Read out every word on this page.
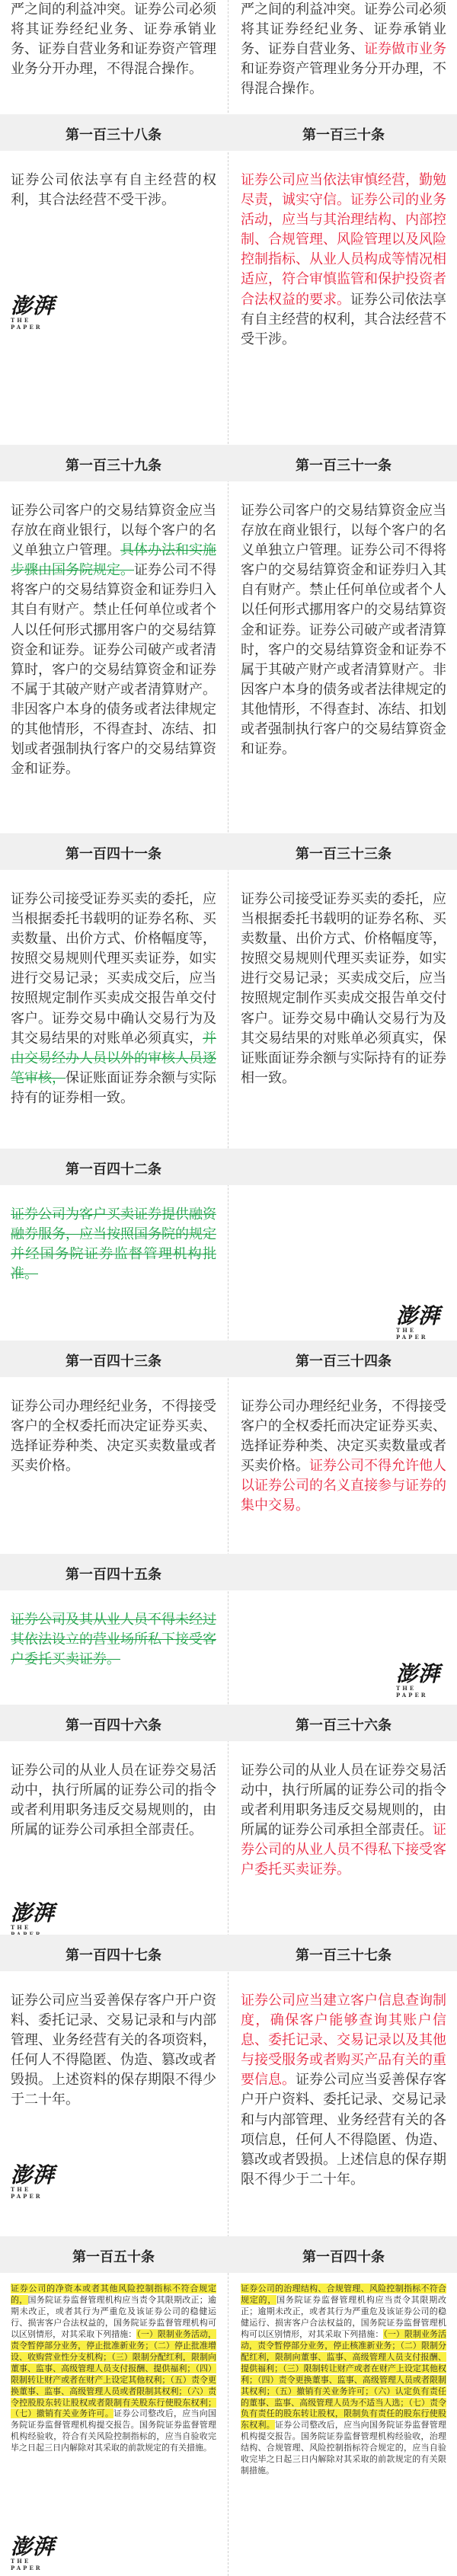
严之间的利益冲突。证券公司必须将其证券经纪业务、证券承销业务、证券自营业务和证券资产管理业务分开办理，不得混合操作。

严之间的利益冲突。证券公司必须将其证券经纪业务、证券承销业务、证券自营业务、证券做市业务和证券资产管理业务分开办理，不得混合操作。

第一百三十八条	第一百三十条

证券公司依法享有自主经营的权利，其合法经营不受干涉。

证券公司应当依法审慎经营，勤勉尽责，诚实守信。证券公司的业务活动，应当与其治理结构、内部控制、合规管理、风险管理以及风险控制指标、从业人员构成等情况相适应，符合审慎监管和保护投资者合法权益的要求。证券公司依法享有自主经营的权利，其合法经营不受干涉。

澎湃
THE PAPER
第一百三十九条	第一百三十一条

证券公司客户的交易结算资金应当存放在商业银行，以每个客户的名义单独立户管理。具体办法和实施步骤由国务院规定。证券公司不得将客户的交易结算资金和证券归入其自有财产。禁止任何单位或者个人以任何形式挪用客户的交易结算资金和证券。证券公司破产或者清算时，客户的交易结算资金和证券不属于其破产财产或者清算财产。非因客户本身的债务或者法律规定的其他情形，不得查封、冻结、扣划或者强制执行客户的交易结算资金和证券。

证券公司客户的交易结算资金应当存放在商业银行，以每个客户的名义单独立户管理。证券公司不得将客户的交易结算资金和证券归入其自有财产。禁止任何单位或者个人以任何形式挪用客户的交易结算资金和证券。证券公司破产或者清算时，客户的交易结算资金和证券不属于其破产财产或者清算财产。非因客户本身的债务或者法律规定的其他情形，不得查封、冻结、扣划或者强制执行客户的交易结算资金和证券。

第一百四十一条	第一百三十三条

证券公司接受证券买卖的委托，应当根据委托书载明的证券名称、买卖数量、出价方式、价格幅度等，按照交易规则代理买卖证券，如实进行交易记录；买卖成交后，应当按照规定制作买卖成交报告单交付客户。证券交易中确认交易行为及其交易结果的对账单必须真实，并由交易经办人员以外的审核人员逐笔审核，保证账面证券余额与实际持有的证券相一致。

证券公司接受证券买卖的委托，应当根据委托书载明的证券名称、买卖数量、出价方式、价格幅度等，按照交易规则代理买卖证券，如实进行交易记录；买卖成交后，应当按照规定制作买卖成交报告单交付客户。证券交易中确认交易行为及其交易结果的对账单必须真实，保证账面证券余额与实际持有的证券相一致。

第一百四十二条

证券公司为客户买卖证券提供融资融券服务，应当按照国务院的规定并经国务院证券监督管理机构批准。

澎湃
THE PAPER
第一百四十三条	第一百三十四条

证券公司办理经纪业务，不得接受客户的全权委托而决定证券买卖、选择证券种类、决定买卖数量或者买卖价格。

证券公司办理经纪业务，不得接受客户的全权委托而决定证券买卖、选择证券种类、决定买卖数量或者买卖价格。证券公司不得允许他人以证券公司的名义直接参与证券的集中交易。

第一百四十五条

证券公司及其从业人员不得未经过其依法设立的营业场所私下接受客户委托买卖证券。

澎湃
THE PAPER
第一百四十六条	第一百三十六条

证券公司的从业人员在证券交易活动中，执行所属的证券公司的指令或者利用职务违反交易规则的，由所属的证券公司承担全部责任。

证券公司的从业人员在证券交易活动中，执行所属的证券公司的指令或者利用职务违反交易规则的，由所属的证券公司承担全部责任。证券公司的从业人员不得私下接受客户委托买卖证券。

澎湃
THE
第一百四十七条	第一百三十七条

证券公司应当妥善保存客户开户资料、委托记录、交易记录和与内部管理、业务经营有关的各项资料，任何人不得隐匿、伪造、篡改或者毁损。上述资料的保存期限不得少于二十年。

证券公司应当建立客户信息查询制度，确保客户能够查询其账户信息、委托记录、交易记录以及其他与接受服务或者购买产品有关的重要信息。证券公司应当妥善保存客户开户资料、委托记录、交易记录和与内部管理、业务经营有关的各项信息，任何人不得隐匿、伪造、篡改或者毁损。上述信息的保存期限不得少于二十年。

澎湃
THE PAPER
第一百五十条	第一百四十条

证券公司的净资本或者其他风险控制指标不符合规定的，国务院证券监督管理机构应当责令其限期改正；逾期未改正，或者其行为严重危及该证券公司的稳健运行、损害客户合法权益的，国务院证券监督管理机构可以区别情形，对其采取下列措施：（一）限制业务活动，责令暂停部分业务，停止批准新业务；（二）停止批准增设、收购营业性分支机构；（三）限制分配红利，限制向董事、监事、高级管理人员支付报酬、提供福利；（四）限制转让财产或者在财产上设定其他权利；（五）责令更换董事、监事、高级管理人员或者限制其权利；（六）责令控股股东转让股权或者限制有关股东行使股东权利；（七）撤销有关业务许可。证券公司整改后，应当向国务院证券监督管理机构提交报告。国务院证券监督管理机构经验收，符合有关风险控制指标的，应当自验收完毕之日起三日内解除对其采取的前款规定的有关措施。

证券公司的治理结构、合规管理、风险控制指标不符合规定的，国务院证券监督管理机构应当责令其限期改正；逾期未改正，或者其行为严重危及该证券公司的稳健运行、损害客户合法权益的，国务院证券监督管理机构可以区别情形，对其采取下列措施：（一）限制业务活动，责令暂停部分业务，停止核准新业务；（二）限制分配红利，限制向董事、监事、高级管理人员支付报酬、提供福利；（三）限制转让财产或者在财产上设定其他权利；（四）责令更换董事、监事、高级管理人员或者限制其权利；（五）撤销有关业务许可；（六）认定负有责任的董事、监事、高级管理人员为不适当人选；（七）责令负有责任的股东转让股权，限制负有责任的股东行使股东权利。证券公司整改后，应当向国务院证券监督管理机构提交报告。国务院证券监督管理机构经验收，治理结构、合规管理、风险控制指标符合规定的，应当自验收完毕之日起三日内解除对其采取的前款规定的有关限制措施。

澎湃
THE PAPER
